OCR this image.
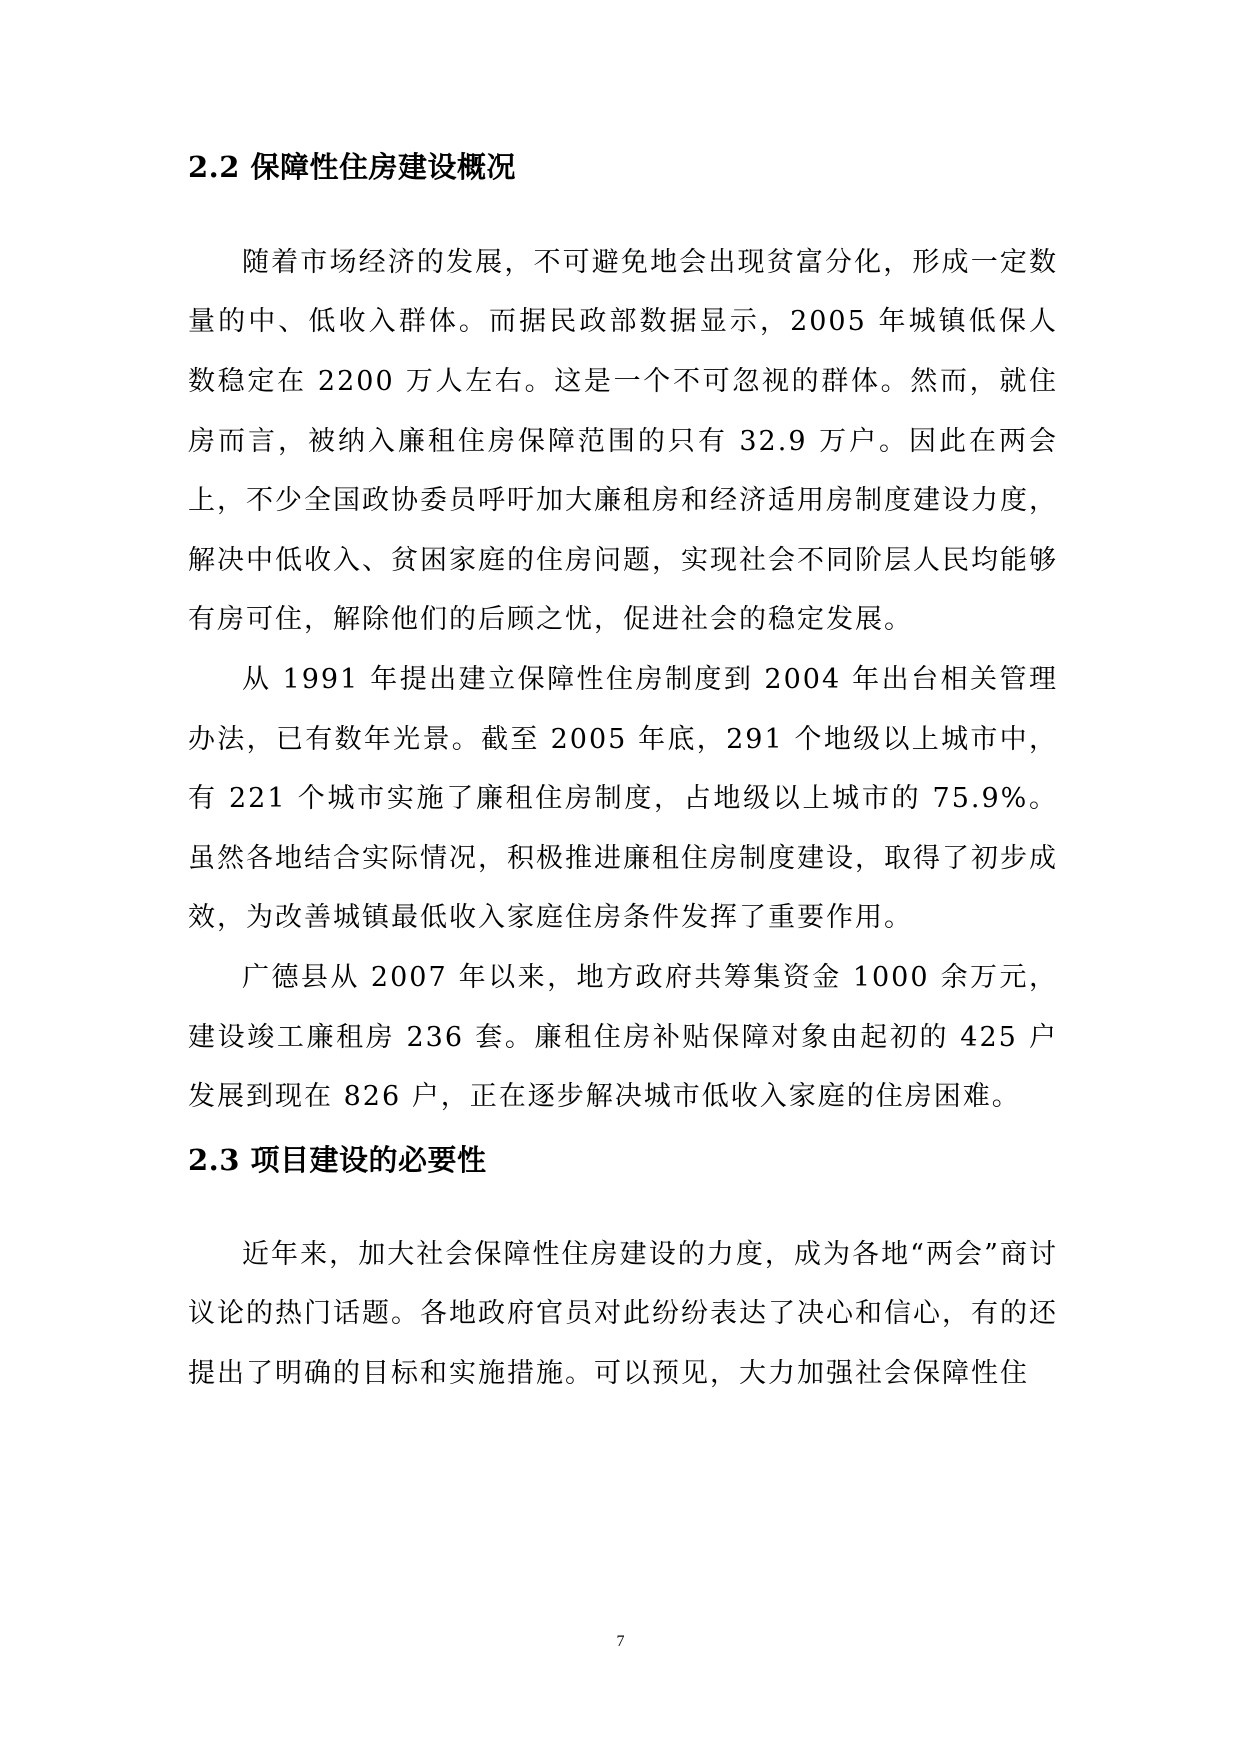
2.2 保障性住房建设概况

随着市场经济的发展，不可避免地会出现贫富分化，形成一定数量的中、低收入群体。而据民政部数据显示，2005 年城镇低保人数稳定在 2200 万人左右。这是一个不可忽视的群体。然而，就住房而言，被纳入廉租住房保障范围的只有 32.9 万户。因此在两会上，不少全国政协委员呼吁加大廉租房和经济适用房制度建设力度，解决中低收入、贫困家庭的住房问题，实现社会不同阶层人民均能够有房可住，解除他们的后顾之忧，促进社会的稳定发展。

从 1991 年提出建立保障性住房制度到 2004 年出台相关管理办法，已有数年光景。截至 2005 年底，291 个地级以上城市中，有 221 个城市实施了廉租住房制度，占地级以上城市的 75.9%。虽然各地结合实际情况，积极推进廉租住房制度建设，取得了初步成效，为改善城镇最低收入家庭住房条件发挥了重要作用。

广德县从 2007 年以来，地方政府共筹集资金 1000 余万元，建设竣工廉租房 236 套。廉租住房补贴保障对象由起初的 425 户发展到现在 826 户，正在逐步解决城市低收入家庭的住房困难。

2.3 项目建设的必要性

近年来，加大社会保障性住房建设的力度，成为各地“两会”商讨议论的热门话题。各地政府官员对此纷纷表达了决心和信心，有的还提出了明确的目标和实施措施。可以预见，大力加强社会保障性住

7
